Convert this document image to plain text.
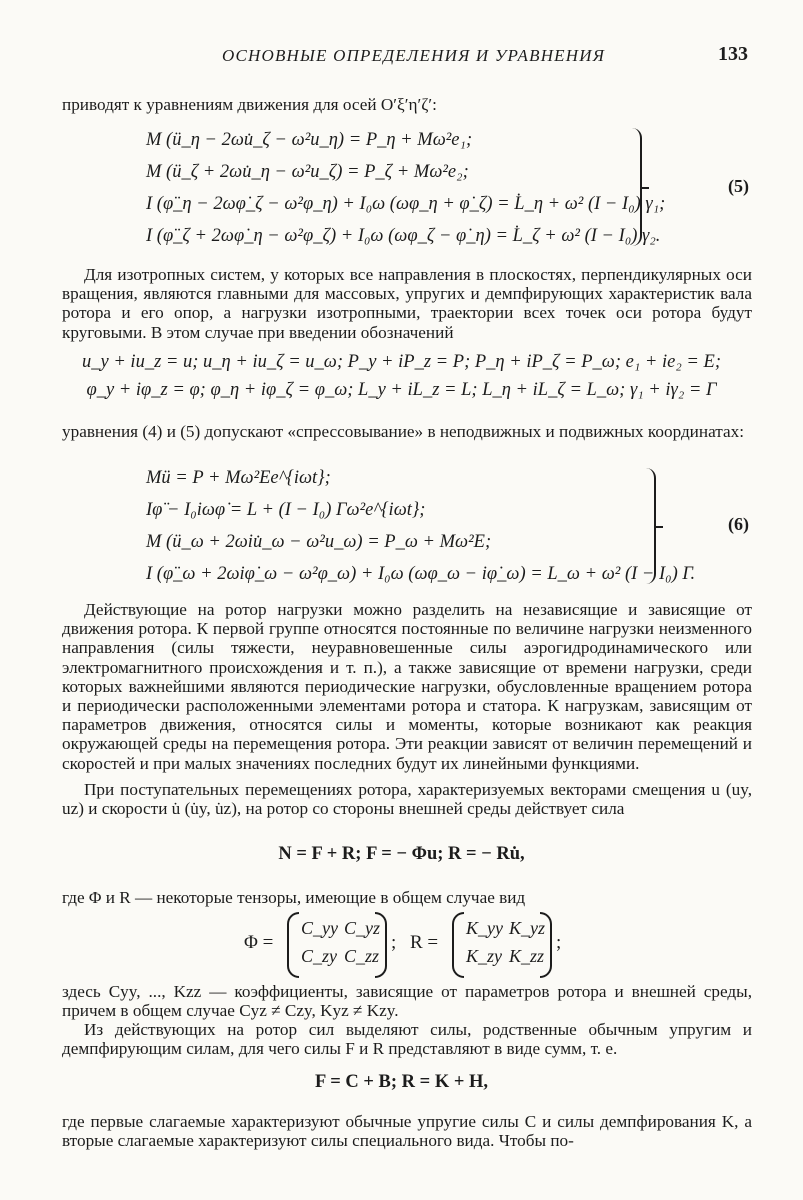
ОСНОВНЫЕ ОПРЕДЕЛЕНИЯ И УРАВНЕНИЯ	133
приводят к уравнениям движения для осей O′ξ′η′ζ′:
M (ü_η − 2ωu̇_ζ − ω²u_η) = P_η + Mω²e₁;
M (ü_ζ + 2ωu̇_η − ω²u_ζ) = P_ζ + Mω²e₂;
I (φ̈_η − 2ωφ̇_ζ − ω²φ_η) + I₀ω (ωφ_η + φ̇_ζ) = L̇_η + ω² (I − I₀) γ₁;
I (φ̈_ζ + 2ωφ̇_η − ω²φ_ζ) + I₀ω (ωφ_ζ − φ̇_η) = L̇_ζ + ω² (I − I₀) γ₂.
(5)
Для изотропных систем, у которых все направления в плоскостях, перпендикулярных оси вращения, являются главными для массовых, упругих и демпфирующих характеристик вала ротора и его опор, а нагрузки изотропными, траектории всех точек оси ротора будут круговыми. В этом случае при введении обозначений
u_y + iu_z = u; u_η + iu_ζ = u_ω; P_y + iP_z = P; P_η + iP_ζ = P_ω; e₁ + ie₂ = E;
φ_y + iφ_z = φ; φ_η + iφ_ζ = φ_ω; L_y + iL_z = L; L_η + iL_ζ = L_ω; γ₁ + iγ₂ = Γ
уравнения (4) и (5) допускают «спрессовывание» в неподвижных и подвижных координатах:
Mü = P + Mω²Ee^{iωt};
Iφ̈ − I₀iωφ̇ = L + (I − I₀) Γω²e^{iωt};
M (ü_ω + 2ωiu̇_ω − ω²u_ω) = P_ω + Mω²E;
I (φ̈_ω + 2ωiφ̇_ω − ω²φ_ω) + I₀ω (ωφ_ω − iφ̇_ω) = L_ω + ω² (I − I₀) Γ.
(6)
Действующие на ротор нагрузки можно разделить на независящие и зависящие от движения ротора. К первой группе относятся постоянные по величине нагрузки неизменного направления (силы тяжести, неуравновешенные силы аэрогидродинамического или электромагнитного происхождения и т. п.), а также зависящие от времени нагрузки, среди которых важнейшими являются периодические нагрузки, обусловленные вращением ротора и периодически расположенными элементами ротора и статора. К нагрузкам, зависящим от параметров движения, относятся силы и моменты, которые возникают как реакция окружающей среды на перемещения ротора. Эти реакции зависят от величин перемещений и скоростей и при малых значениях последних будут их линейными функциями.
При поступательных перемещениях ротора, характеризуемых векторами смещения u (uy, uz) и скорости u̇ (u̇y, u̇z), на ротор со стороны внешней среды действует сила
N = F + R; F = − Φu; R = − Ru̇,
где Φ и R — некоторые тензоры, имеющие в общем случае вид
Φ =
C_yy C_yz
C_zy C_zz
; R =
K_yy K_yz
K_zy K_zz
;
здесь Cyy, ..., Kzz — коэффициенты, зависящие от параметров ротора и внешней среды, причем в общем случае Cyz ≠ Czy, Kyz ≠ Kzy.
Из действующих на ротор сил выделяют силы, родственные обычным упругим и демпфирующим силам, для чего силы F и R представляют в виде сумм, т. е.
F = C + B; R = K + H,
где первые слагаемые характеризуют обычные упругие силы C и силы демпфирования K, а вторые слагаемые характеризуют силы специального вида. Чтобы по-
